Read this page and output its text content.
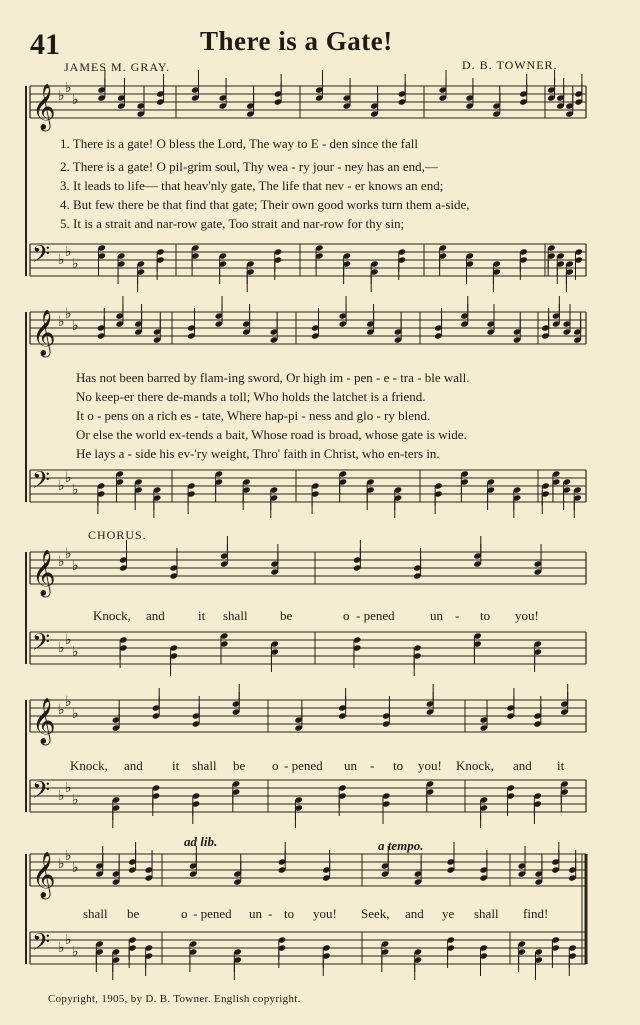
41	There is a Gate!
JAMES M. GRAY.	D. B. TOWNER.
𝄞 ♭ ♭
♭
𝄢 ♭ ♭
♭
𝄞 ♭ ♭
♭
𝄢 ♭ ♭
♭
𝄞 ♭ ♭
♭
𝄢 ♭ ♭
♭
𝄞 ♭ ♭
♭
𝄢 ♭ ♭
♭
𝄞 ♭ ♭
♭
𝄢 ♭ ♭
♭
1. There is a gate! O bless the Lord, The way to E - den since the fall
2. There is a gate! O pil-grim soul, Thy wea - ry jour - ney has an end,—
3. It leads to life— that heav'nly gate, The life that nev - er knows an end;
4. But few there be that find that gate; Their own good works turn them a-side,
5. It is a strait and nar-row gate, Too strait and nar-row for thy sin;
Has not been barred by flam-ing sword, Or high im - pen - e - tra - ble wall.
No keep-er there de-mands a toll; Who holds the latchet is a friend.
It o - pens on a rich es - tate, Where hap-pi - ness and glo - ry blend.
Or else the world ex-tends a bait, Whose road is broad, whose gate is wide.
He lays a - side his ev-'ry weight, Thro' faith in Christ, who en-ters in.
CHORUS.
Knock, and	it shall be	o - pened	un - to you!
Knock, and it shall be o - pened un - to you! Knock, and it
ad lib.	a tempo.
shall be	o - pened un - to you! Seek, and ye shall find!
Copyright, 1905, by D. B. Towner. English copyright.
